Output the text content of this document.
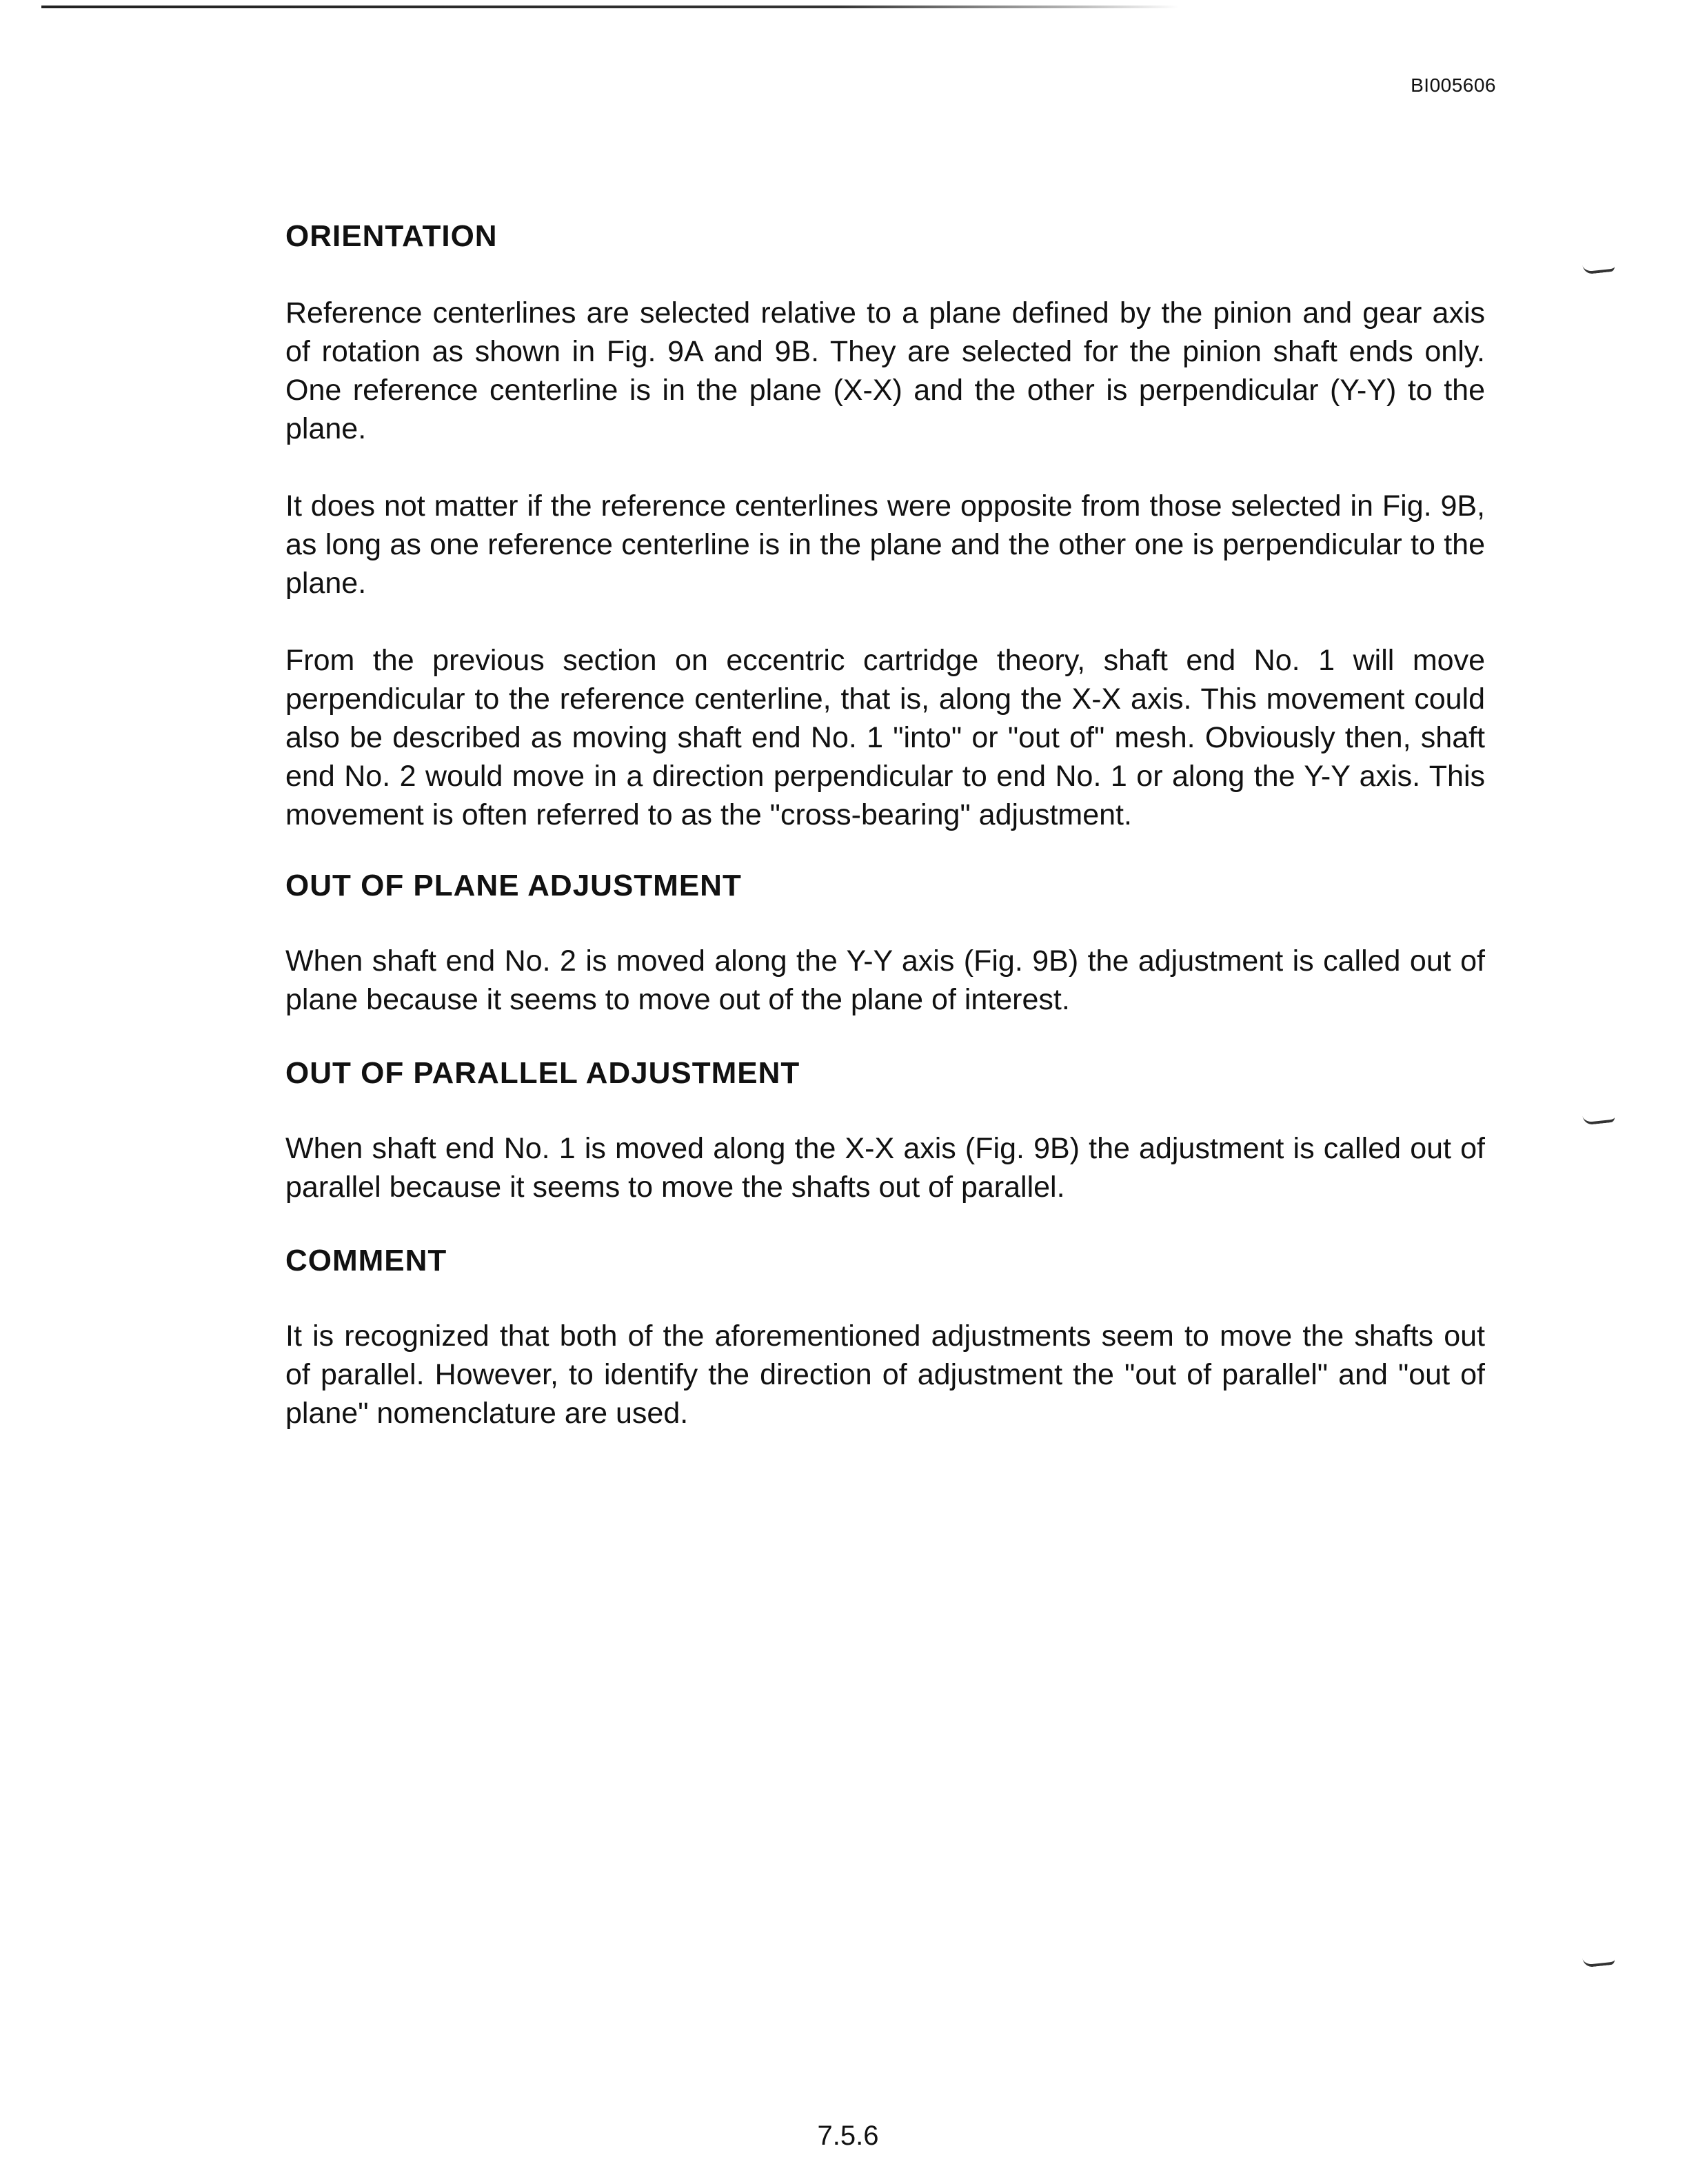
BI005606
ORIENTATION

Reference centerlines are selected relative to a plane defined by the pinion and gear axis of rotation as shown in Fig. 9A and 9B. They are selected for the pinion shaft ends only. One reference centerline is in the plane (X-X) and the other is perpendicular (Y-Y) to the plane.

It does not matter if the reference centerlines were opposite from those selected in Fig. 9B, as long as one reference centerline is in the plane and the other one is perpendicular to the plane.

From the previous section on eccentric cartridge theory, shaft end No. 1 will move perpendicular to the reference centerline, that is, along the X-X axis. This movement could also be described as moving shaft end No. 1 "into" or "out of" mesh. Obviously then, shaft end No. 2 would move in a direction perpendicular to end No. 1 or along the Y-Y axis. This movement is often referred to as the "cross-bearing" adjustment.

OUT OF PLANE ADJUSTMENT

When shaft end No. 2 is moved along the Y-Y axis (Fig. 9B) the adjustment is called out of plane because it seems to move out of the plane of interest.

OUT OF PARALLEL ADJUSTMENT

When shaft end No. 1 is moved along the X-X axis (Fig. 9B) the adjustment is called out of parallel because it seems to move the shafts out of parallel.

COMMENT

It is recognized that both of the aforementioned adjustments seem to move the shafts out of parallel. However, to identify the direction of adjustment the "out of parallel" and "out of plane" nomenclature are used.

7.5.6
